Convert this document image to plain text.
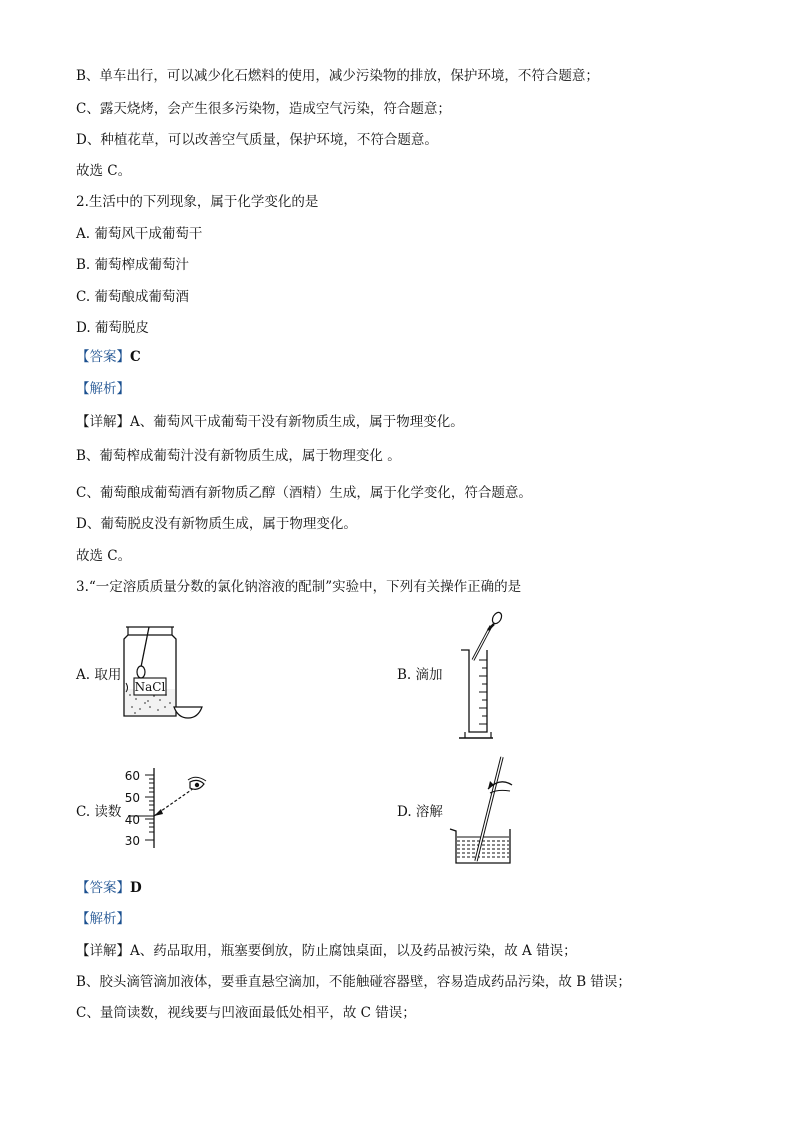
B、单车出行，可以减少化石燃料的使用，减少污染物的排放，保护环境，不符合题意；
C、露天烧烤，会产生很多污染物，造成空气污染，符合题意；
D、种植花草，可以改善空气质量，保护环境，不符合题意。
故选 C。
2.生活中的下列现象，属于化学变化的是
A. 葡萄风干成葡萄干
B. 葡萄榨成葡萄汁
C. 葡萄酿成葡萄酒
D. 葡萄脱皮
【答案】C
【解析】
【详解】A、葡萄风干成葡萄干没有新物质生成，属于物理变化。
B、葡萄榨成葡萄汁没有新物质生成，属于物理变化 。
C、葡萄酿成葡萄酒有新物质乙醇（酒精）生成，属于化学变化，符合题意。
D、葡萄脱皮没有新物质生成，属于物理变化。
故选 C。
3.“一定溶质质量分数的氯化钠溶液的配制”实验中，下列有关操作正确的是
A. 取用
NaCl
B. 滴加
C. 读数
60
50
40
30
D. 溶解
【答案】D
【解析】
【详解】A、药品取用，瓶塞要倒放，防止腐蚀桌面，以及药品被污染，故 A 错误；
B、胶头滴管滴加液体，要垂直悬空滴加，不能触碰容器壁，容易造成药品污染，故 B 错误；
C、量筒读数，视线要与凹液面最低处相平，故 C 错误；
